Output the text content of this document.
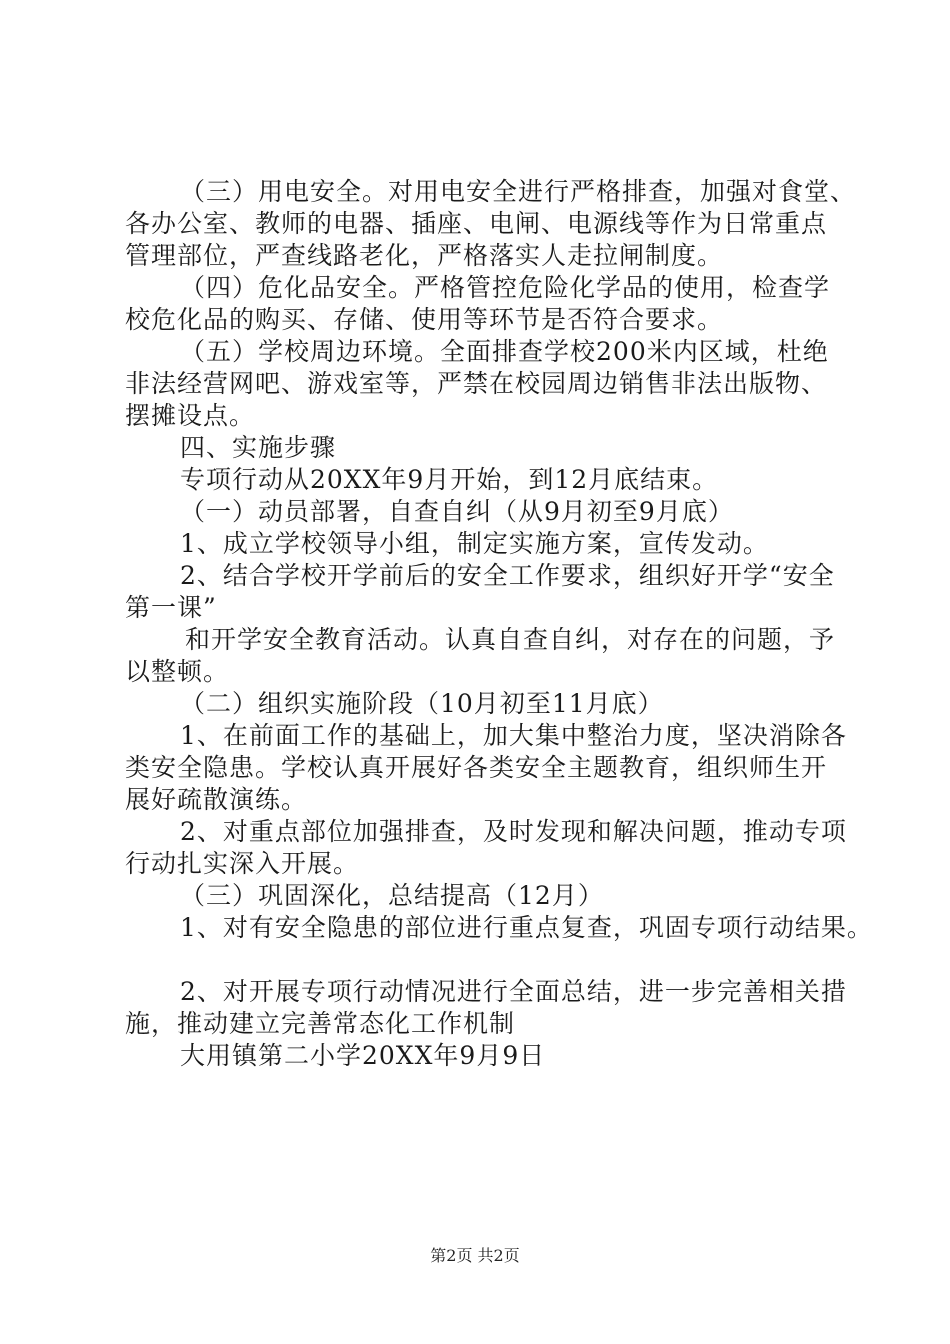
（三）用电安全。对用电安全进行严格排查，加强对食堂、
各办公室、教师的电器、插座、电闸、电源线等作为日常重点
管理部位，严查线路老化，严格落实人走拉闸制度。
（四）危化品安全。严格管控危险化学品的使用，检查学
校危化品的购买、存储、使用等环节是否符合要求。
（五）学校周边环境。全面排查学校200米内区域，杜绝
非法经营网吧、游戏室等，严禁在校园周边销售非法出版物、
摆摊设点。
四、实施步骤
专项行动从20XX年9月开始，到12月底结束。
（一）动员部署，自查自纠（从9月初至9月底）
1、成立学校领导小组，制定实施方案，宣传发动。
2、结合学校开学前后的安全工作要求，组织好开学“安全
第一课”
和开学安全教育活动。认真自查自纠，对存在的问题，予
以整顿。
（二）组织实施阶段（10月初至11月底）
1、在前面工作的基础上，加大集中整治力度，坚决消除各
类安全隐患。学校认真开展好各类安全主题教育，组织师生开
展好疏散演练。
2、对重点部位加强排查，及时发现和解决问题，推动专项
行动扎实深入开展。
（三）巩固深化，总结提高（12月）
1、对有安全隐患的部位进行重点复查，巩固专项行动结果。
2、对开展专项行动情况进行全面总结，进一步完善相关措
施，推动建立完善常态化工作机制
大用镇第二小学20XX年9月9日
第2页 共2页
